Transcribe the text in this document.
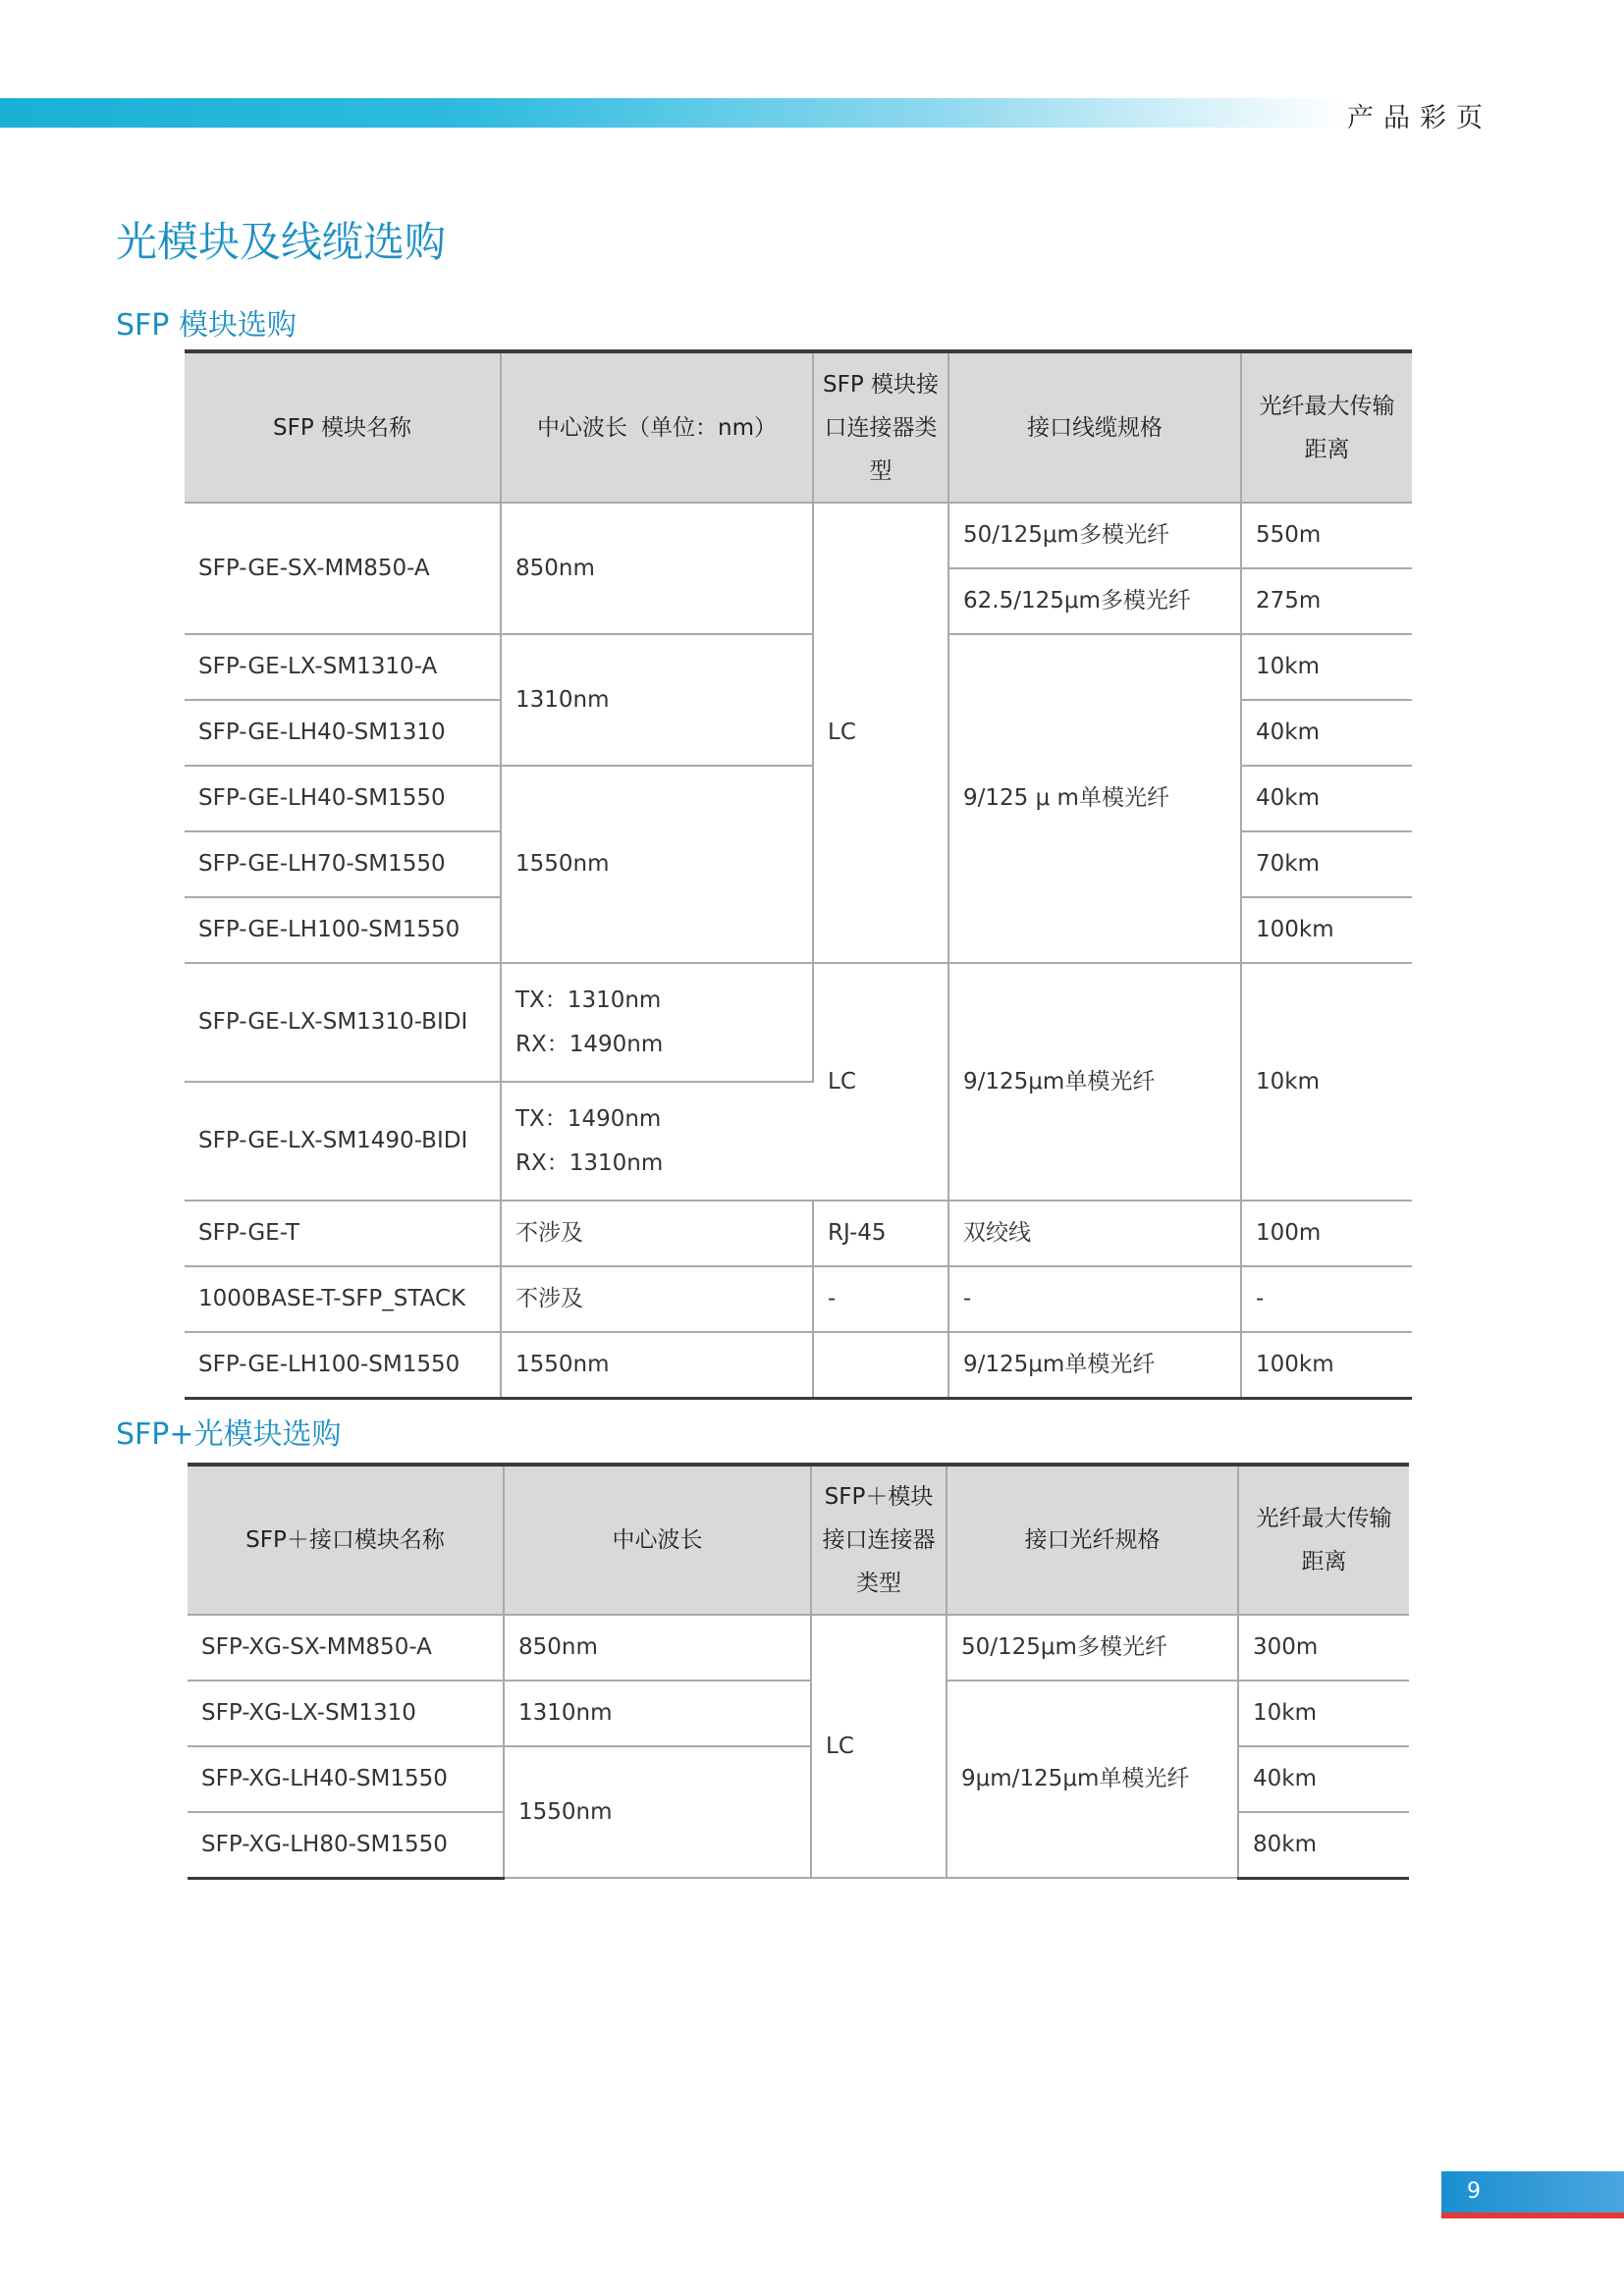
产品彩页
光模块及线缆选购
SFP 模块选购
SFP 模块名称	中心波长（单位：nm）	SFP 模块接口连接器类型	接口线缆规格	光纤最大传输距离
SFP-GE-SX-MM850-A	850nm	LC	50/125μm多模光纤	550m
			62.5/125μm多模光纤	275m
SFP-GE-LX-SM1310-A	1310nm		9/125 μ m单模光纤	10km
SFP-GE-LH40-SM1310				40km
SFP-GE-LH40-SM1550	1550nm			40km
SFP-GE-LH70-SM1550				70km
SFP-GE-LH100-SM1550				100km
SFP-GE-LX-SM1310-BIDI	TX：1310nm
RX：1490nm	LC	9/125μm单模光纤	10km
SFP-GE-LX-SM1490-BIDI	TX：1490nm
RX：1310nm			

SFP-GE-T	不涉及	RJ-45	双绞线	100m
1000BASE-T-SFP_STACK	不涉及	-	-	-
SFP-GE-LH100-SM1550	1550nm		9/125μm单模光纤	100km
SFP+光模块选购
SFP＋接口模块名称	中心波长	SFP＋模块接口连接器类型	接口光纤规格	光纤最大传输距离
SFP-XG-SX-MM850-A	850nm	LC	50/125μm多模光纤	300m
SFP-XG-LX-SM1310	1310nm		9μm/125μm单模光纤	10km
SFP-XG-LH40-SM1550	1550nm			40km
SFP-XG-LH80-SM1550				80km
9
